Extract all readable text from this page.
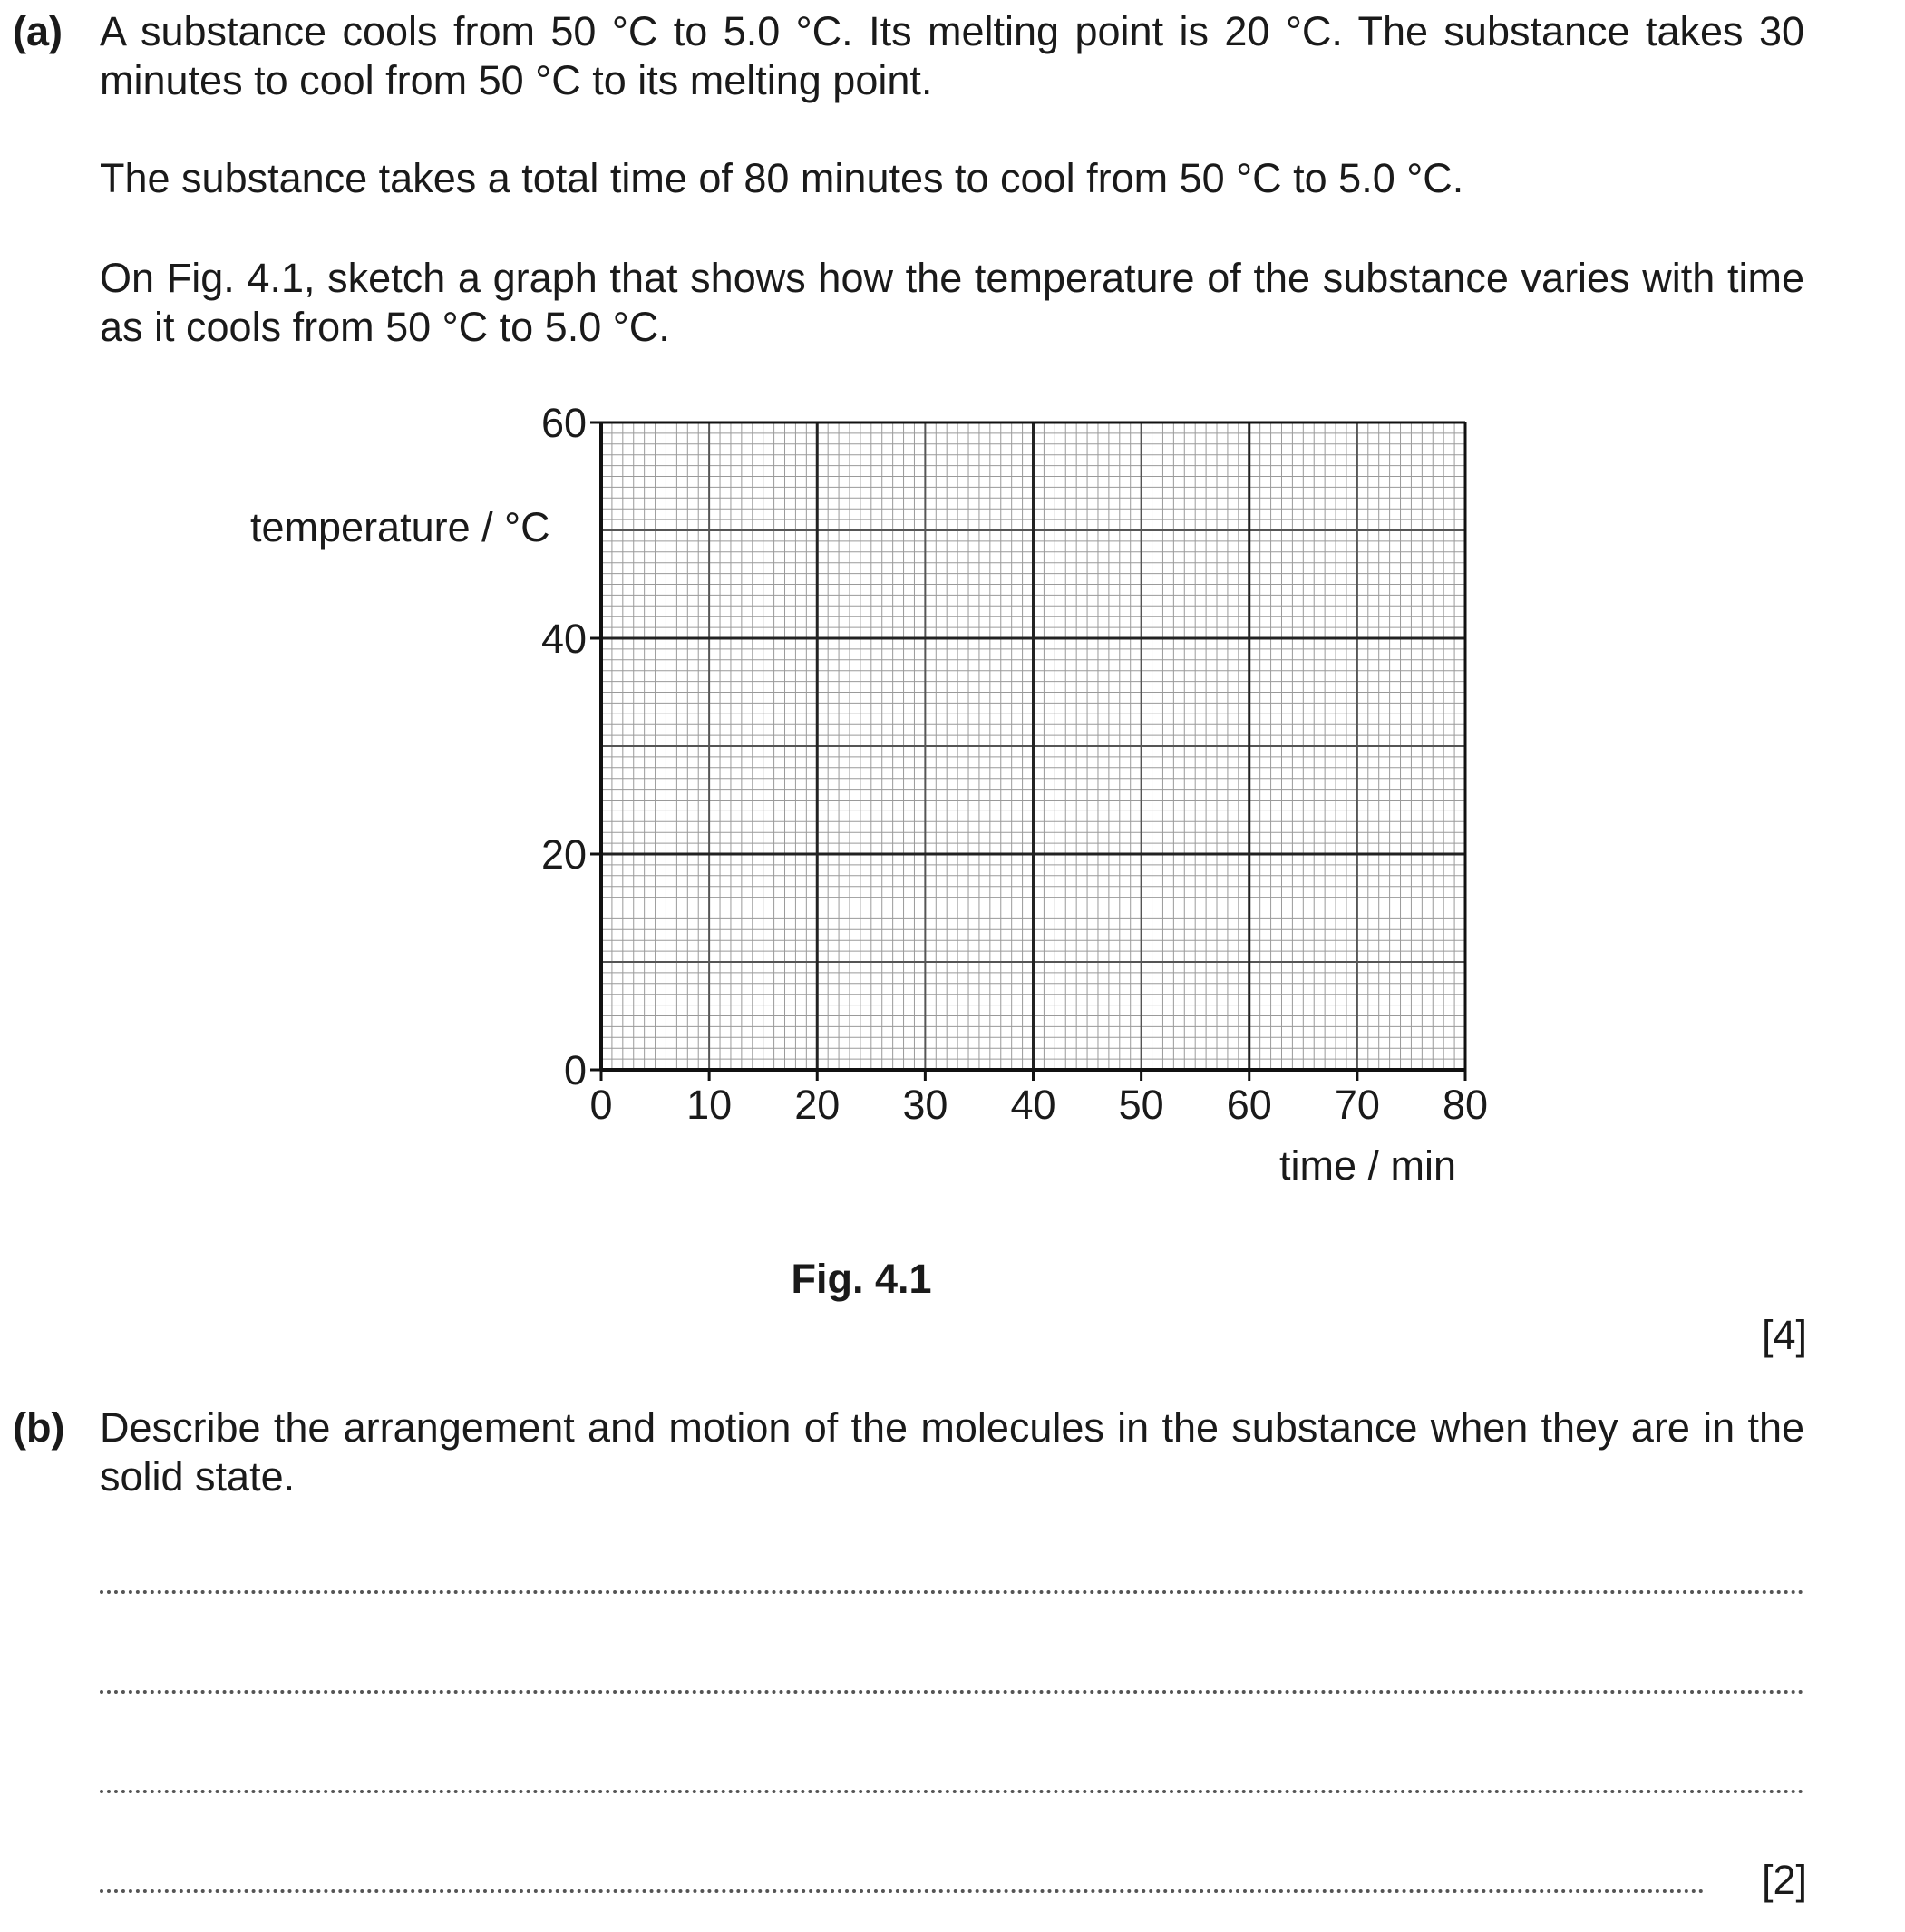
(a) A substance cools from 50 °C to 5.0 °C. Its melting point is 20 °C. The substance takes 30 minutes to cool from 50 °C to its melting point.

The substance takes a total time of 80 minutes to cool from 50 °C to 5.0 °C.

On Fig. 4.1, sketch a graph that shows how the temperature of the substance varies with time as it cools from 50 °C to 5.0 °C.

0 10 20 30 40 50 60 70 80
0
20
40
60
temperature / °C
time / min
Fig. 4.1
[4]
(b) Describe the arrangement and motion of the molecules in the substance when they are in the solid state.

[2]
